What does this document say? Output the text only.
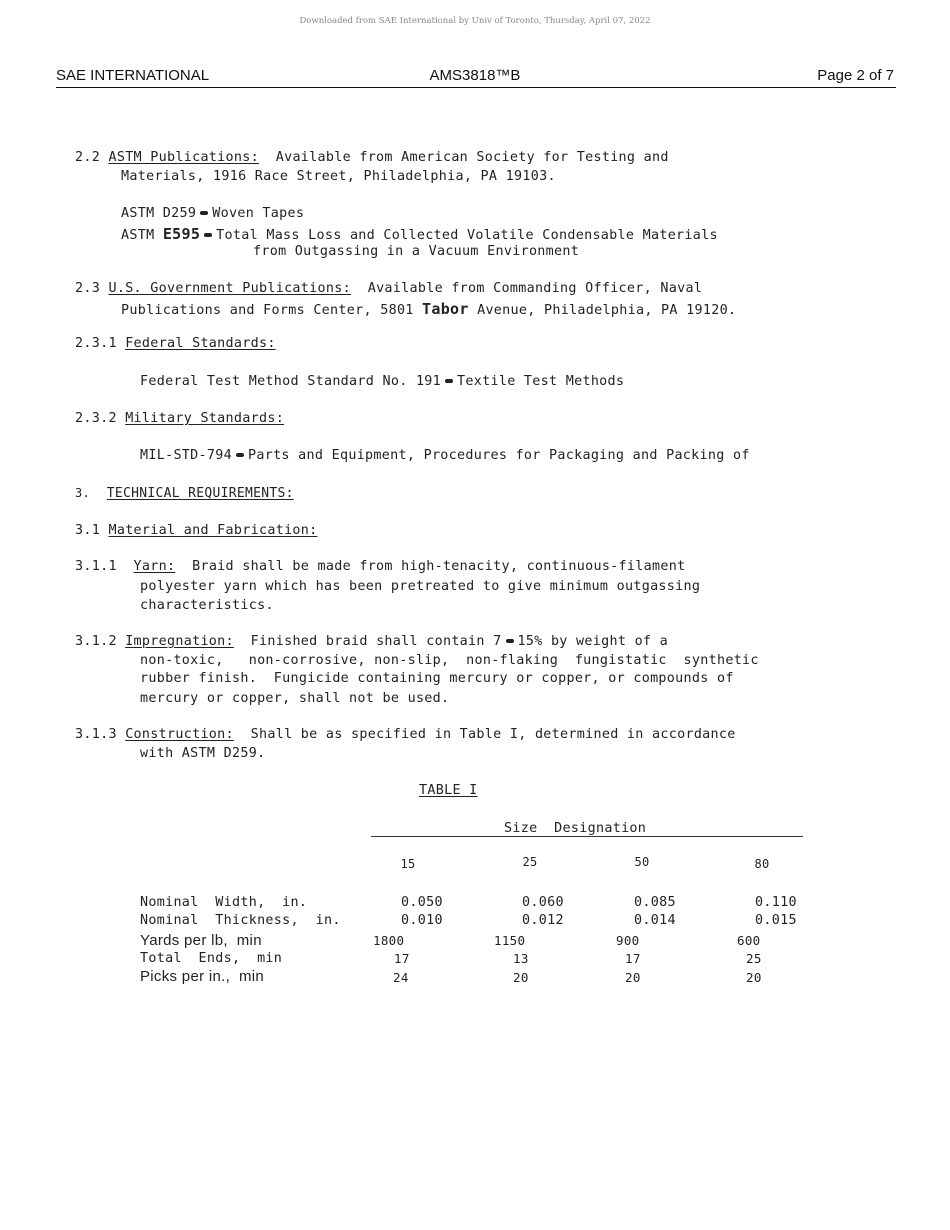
Downloaded from SAE International by Univ of Toronto, Thursday, April 07, 2022
SAE INTERNATIONAL	AMS3818™B	Page 2 of 7
2.2 ASTM Publications: Available from American Society for Testing and
Materials, 1916 Race Street, Philadelphia, PA 19103.
ASTM D259 Woven Tapes
ASTM E595 Total Mass Loss and Collected Volatile Condensable Materials
from Outgassing in a Vacuum Environment
2.3 U.S. Government Publications: Available from Commanding Officer, Naval
Publications and Forms Center, 5801 Tabor Avenue, Philadelphia, PA 19120.
2.3.1 Federal Standards:
Federal Test Method Standard No. 191 Textile Test Methods
2.3.2 Military Standards:
MIL-STD-794 Parts and Equipment, Procedures for Packaging and Packing of
3. TECHNICAL REQUIREMENTS:
3.1 Material and Fabrication:
3.1.1 Yarn: Braid shall be made from high-tenacity, continuous-filament
polyester yarn which has been pretreated to give minimum outgassing
characteristics.
3.1.2 Impregnation: Finished braid shall contain 7 15% by weight of a
non-toxic,   non-corrosive, non-slip,  non-flaking  fungistatic  synthetic
rubber finish.  Fungicide containing mercury or copper, or compounds of
mercury or copper, shall not be used.
3.1.3 Construction: Shall be as specified in Table I, determined in accordance
with ASTM D259.
TABLE I
Size  Designation
15	25	50	80
Nominal  Width,  in.	0.050	0.060	0.085	0.110
Nominal  Thickness,  in.	0.010	0.012	0.014	0.015
Yards per lb,  min	1800	1150	900	600
Total  Ends,  min	17	13	17	25
Picks per in.,  min	24	20	20	20
